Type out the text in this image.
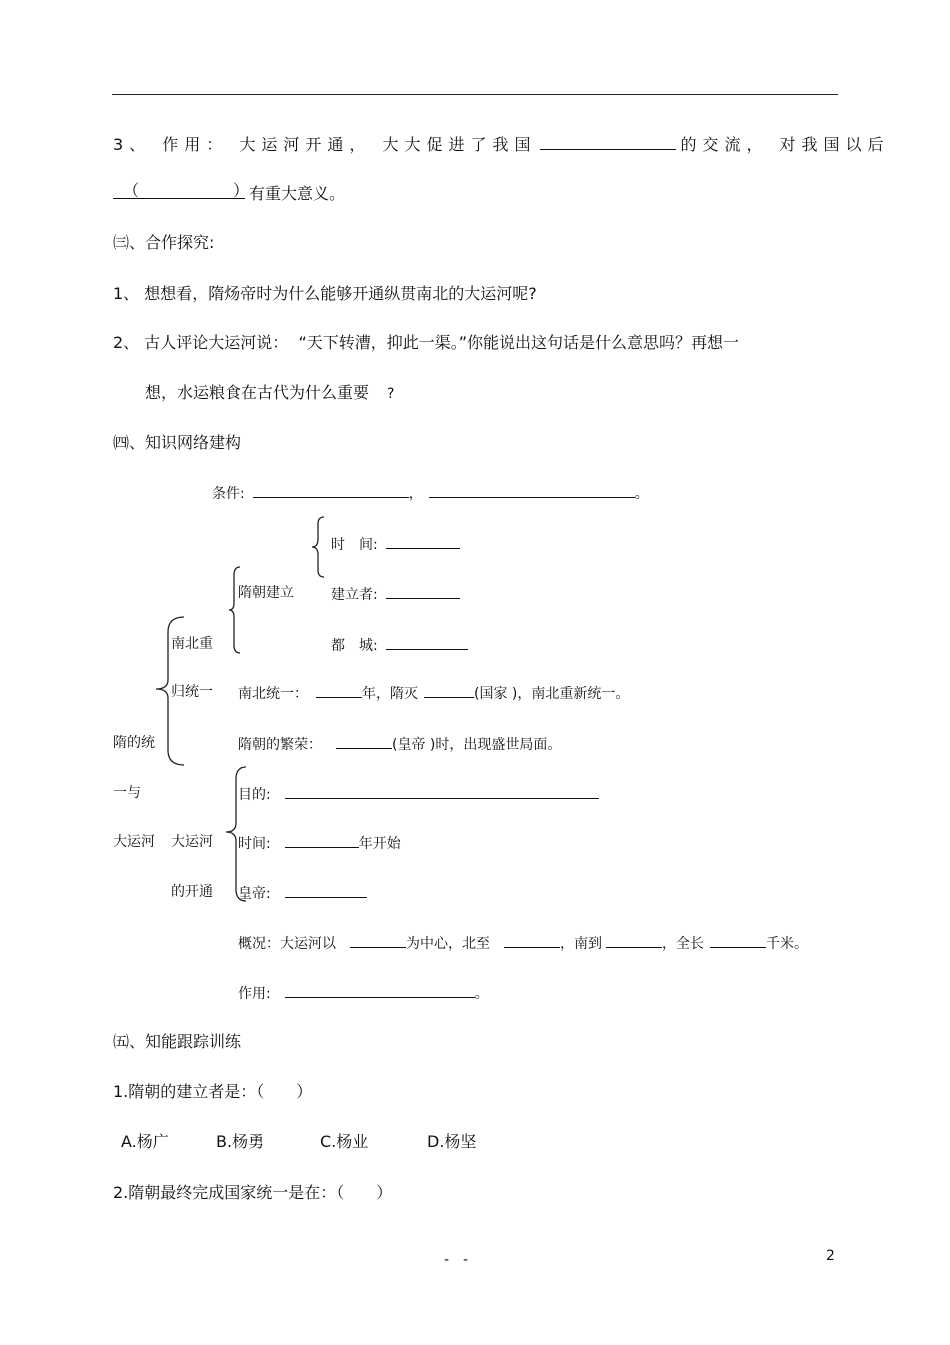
3、 作用： 大运河开通， 大大促进了我国	的交流， 对我国以后
（	） 有重大意义。
㈢、合作探究:
1、 想想看，隋炀帝时为什么能够开通纵贯南北的大运河呢?
2、 古人评论大运河说：  “天下转漕，抑此一渠。”你能说出这句话是什么意思吗？再想一
想，水运粮食在古代为什么重要 ?
㈣、知识网络建构
条件:	，	。
时　间:
隋朝建立	建立者:
都　城:
南北重
归统一 南北统一：	年，隋灭	(国家 )，南北重新统一。
隋的统	隋朝的繁荣：	(皇帝 )时，出现盛世局面。
一与	目的:
大运河 大运河 时间:	年开始
的开通 皇帝:
概况：大运河以	为中心，北至	，南到	，全长	千米。
作用:	。
㈤、知能跟踪训练
1.隋朝的建立者是：（　　）
A.杨广	B.杨勇	C.杨业	D.杨坚
2.隋朝最终完成国家统一是在：（　　）
-　-	2
